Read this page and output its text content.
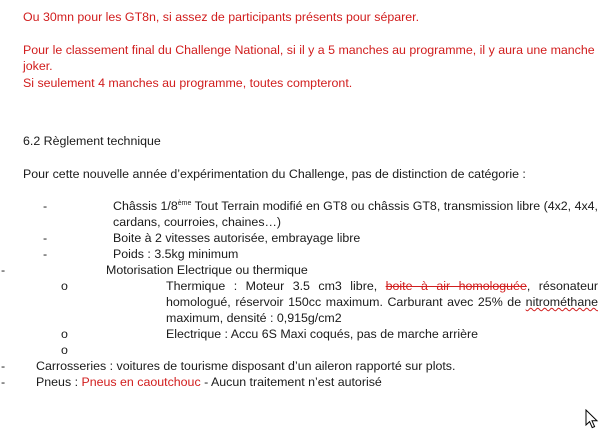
Ou 30mn pour les GT8n, si assez de participants présents pour séparer.

Pour le classement final du Challenge National, si il y a 5 manches au programme, il y aura une manche joker.

Si seulement 4 manches au programme, toutes compteront.

6.2 Règlement technique

Pour cette nouvelle année d’expérimentation du Challenge, pas de distinction de catégorie :

-	Châssis 1/8ème Tout Terrain modifié en GT8 ou châssis GT8, transmission libre (4x2, 4x4, cardans, courroies, chaines…)
-	Boite à 2 vitesses autorisée, embrayage libre
-	Poids : 3.5kg minimum
-	Motorisation Electrique ou thermique
o	Thermique : Moteur 3.5 cm3 libre, boite à air homologuée, résonateur homologué, réservoir 150cc maximum. Carburant avec 25% de nitrométhane maximum, densité : 0,915g/cm2
o	Electrique : Accu 6S Maxi coqués, pas de marche arrière
o
- Carrosseries : voitures de tourisme disposant d’un aileron rapporté sur plots.
- Pneus : Pneus en caoutchouc - Aucun traitement n’est autorisé
